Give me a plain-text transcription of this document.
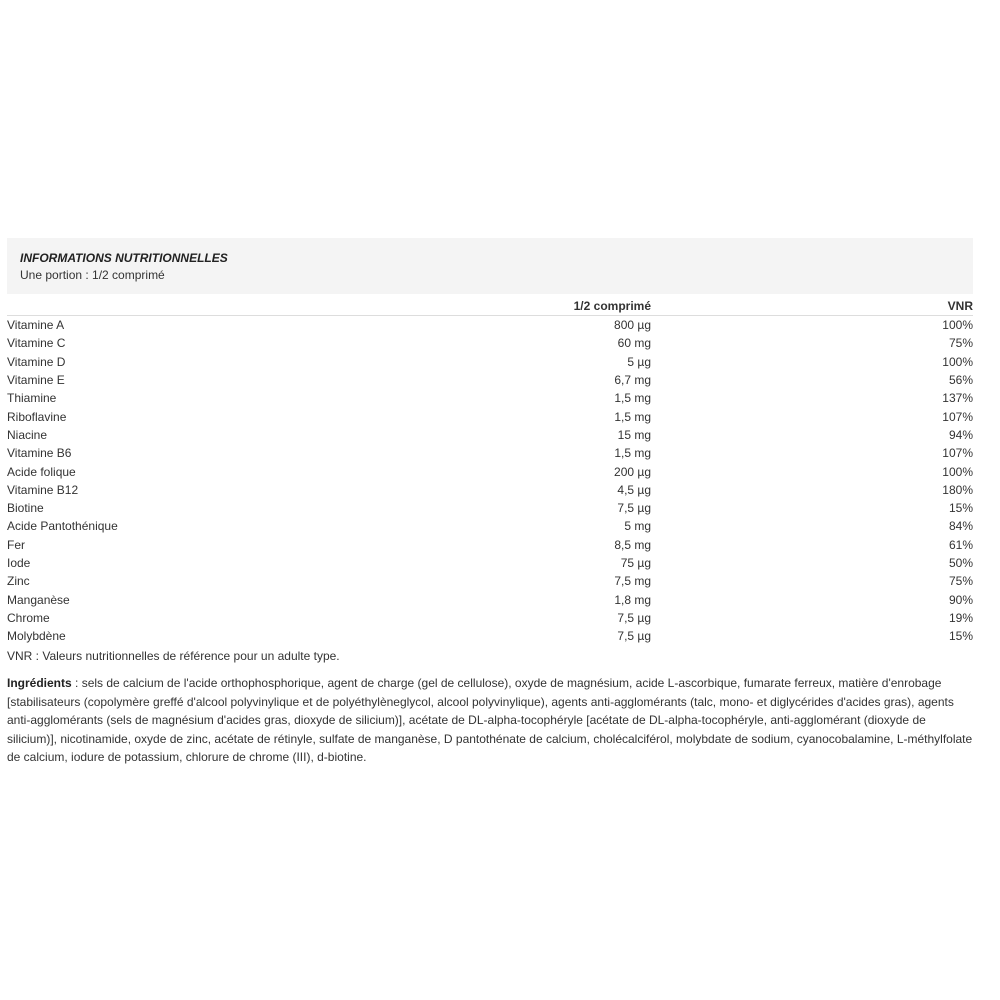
INFORMATIONS NUTRITIONNELLES
Une portion : 1/2 comprimé
	1/2 comprimé	VNR
Vitamine A	800 µg	100%
Vitamine C	60 mg	75%
Vitamine D	5 µg	100%
Vitamine E	6,7 mg	56%
Thiamine	1,5 mg	137%
Riboflavine	1,5 mg	107%
Niacine	15 mg	94%
Vitamine B6	1,5 mg	107%
Acide folique	200 µg	100%
Vitamine B12	4,5 µg	180%
Biotine	7,5 µg	15%
Acide Pantothénique	5 mg	84%
Fer	8,5 mg	61%
Iode	75 µg	50%
Zinc	7,5 mg	75%
Manganèse	1,8 mg	90%
Chrome	7,5 µg	19%
Molybdène	7,5 µg	15%
VNR : Valeurs nutritionnelles de référence pour un adulte type.
Ingrédients : sels de calcium de l'acide orthophosphorique, agent de charge (gel de cellulose), oxyde de magnésium, acide L-ascorbique, fumarate ferreux, matière d'enrobage [stabilisateurs (copolymère greffé d'alcool polyvinylique et de polyéthylèneglycol, alcool polyvinylique), agents anti-agglomérants (talc, mono- et diglycérides d'acides gras), agents anti-agglomérants (sels de magnésium d'acides gras, dioxyde de silicium)], acétate de DL-alpha-tocophéryle [acétate de DL-alpha-tocophéryle, anti-agglomérant (dioxyde de silicium)], nicotinamide, oxyde de zinc, acétate de rétinyle, sulfate de manganèse, D pantothénate de calcium, cholécalciférol, molybdate de sodium, cyanocobalamine, L-méthylfolate de calcium, iodure de potassium, chlorure de chrome (III), d-biotine.
